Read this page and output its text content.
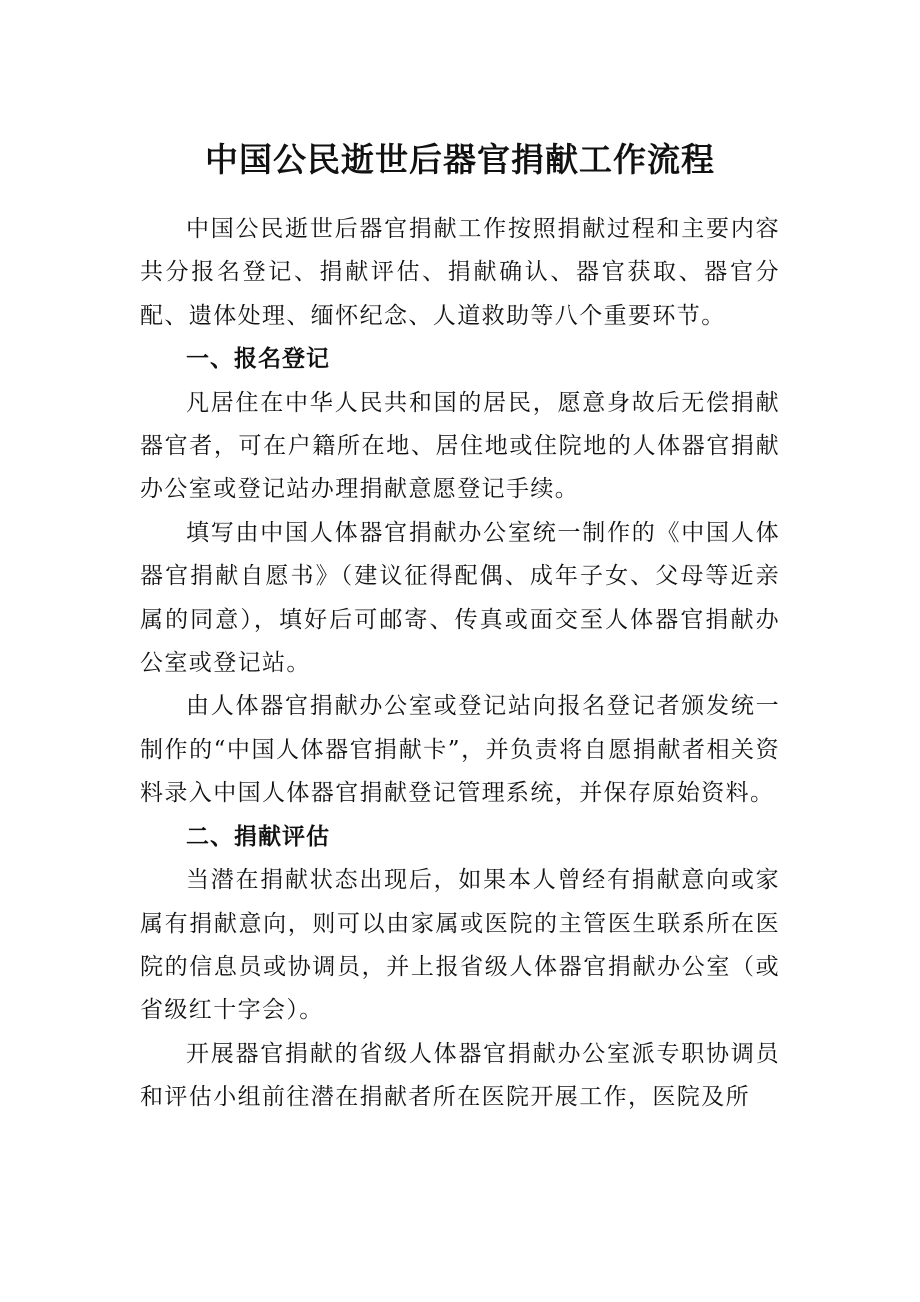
中国公民逝世后器官捐献工作流程

中国公民逝世后器官捐献工作按照捐献过程和主要内容共分报名登记、捐献评估、捐献确认、器官获取、器官分配、遗体处理、缅怀纪念、人道救助等八个重要环节。

一、报名登记

凡居住在中华人民共和国的居民，愿意身故后无偿捐献器官者，可在户籍所在地、居住地或住院地的人体器官捐献办公室或登记站办理捐献意愿登记手续。

填写由中国人体器官捐献办公室统一制作的《中国人体器官捐献自愿书》（建议征得配偶、成年子女、父母等近亲属的同意），填好后可邮寄、传真或面交至人体器官捐献办公室或登记站。

由人体器官捐献办公室或登记站向报名登记者颁发统一制作的“中国人体器官捐献卡”，并负责将自愿捐献者相关资料录入中国人体器官捐献登记管理系统，并保存原始资料。

二、捐献评估

当潜在捐献状态出现后，如果本人曾经有捐献意向或家属有捐献意向，则可以由家属或医院的主管医生联系所在医院的信息员或协调员，并上报省级人体器官捐献办公室（或省级红十字会）。

开展器官捐献的省级人体器官捐献办公室派专职协调员和评估小组前往潜在捐献者所在医院开展工作，医院及所
